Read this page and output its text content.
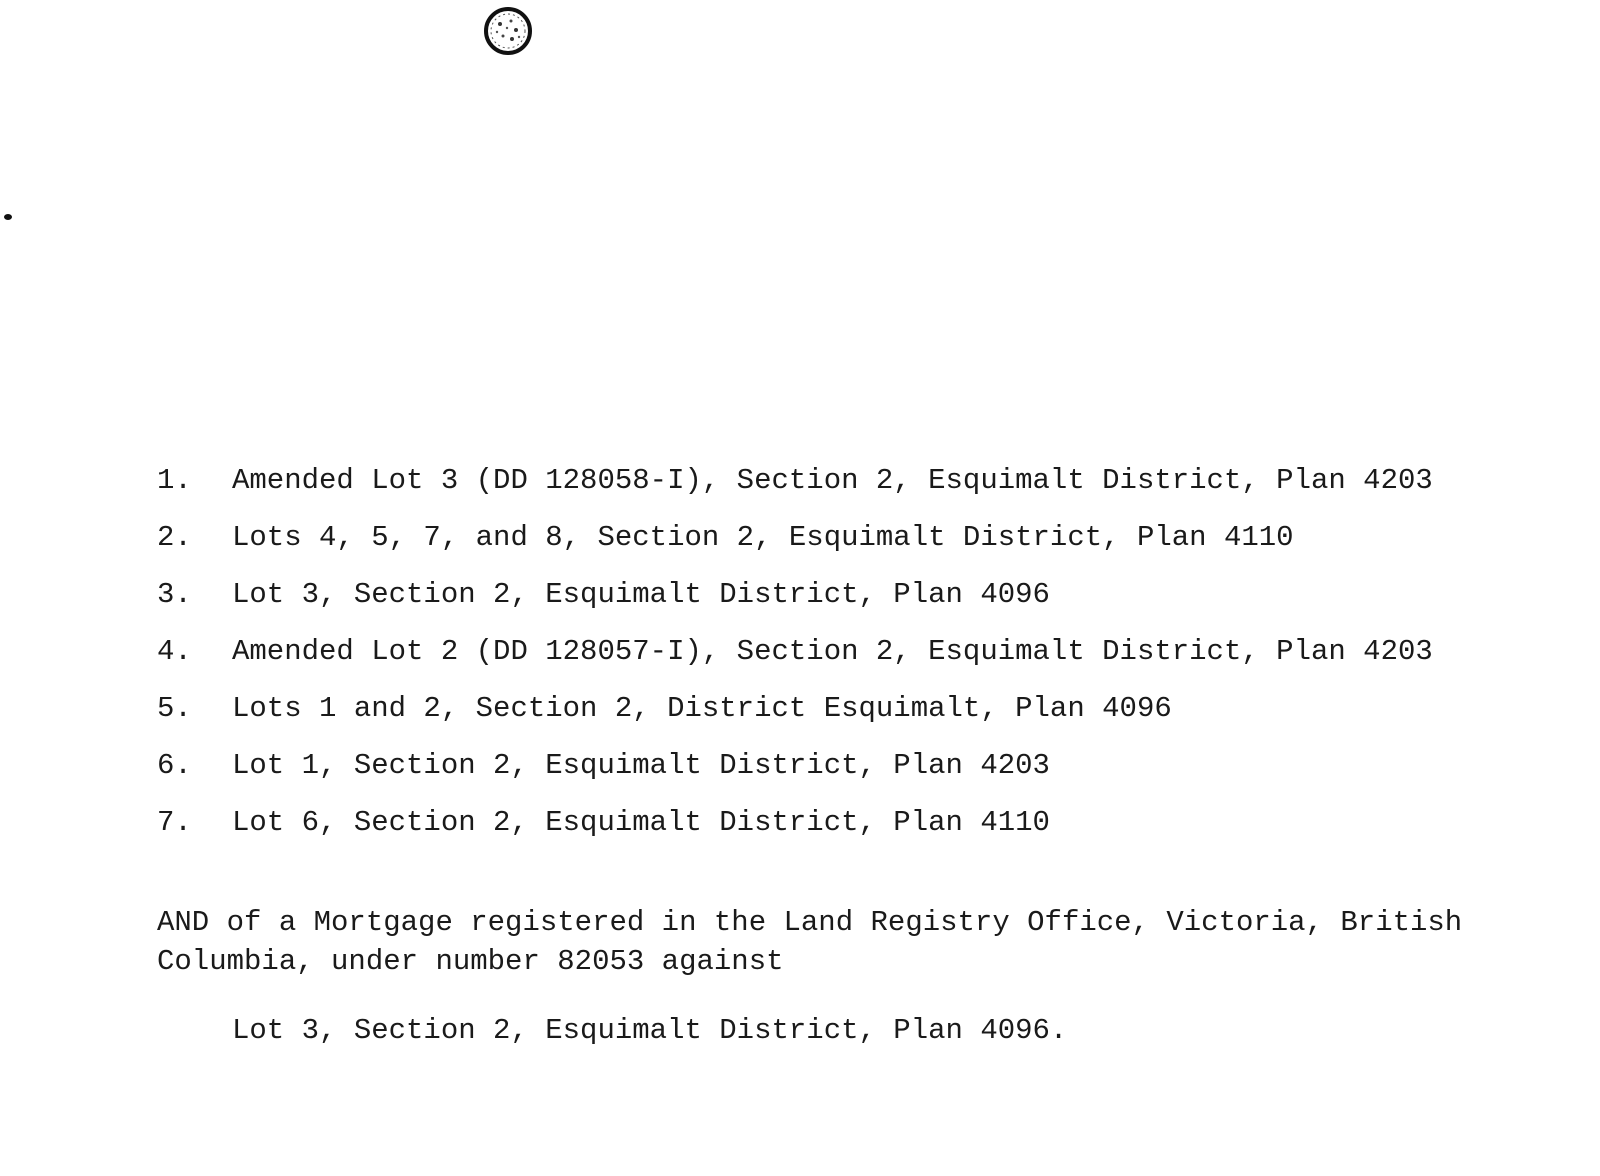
1.	Amended Lot 3 (DD 128058-I), Section 2, Esquimalt District, Plan 4203
2.	Lots 4, 5, 7, and 8, Section 2, Esquimalt District, Plan 4110
3.	Lot 3, Section 2, Esquimalt District, Plan 4096
4.	Amended Lot 2 (DD 128057-I), Section 2, Esquimalt District, Plan 4203
5.	Lots 1 and 2, Section 2, District Esquimalt, Plan 4096
6.	Lot 1, Section 2, Esquimalt District, Plan 4203
7.	Lot 6, Section 2, Esquimalt District, Plan 4110

AND of a Mortgage registered in the Land Registry Office, Victoria, British
Columbia, under number 82053 against

Lot 3, Section 2, Esquimalt District, Plan 4096.
